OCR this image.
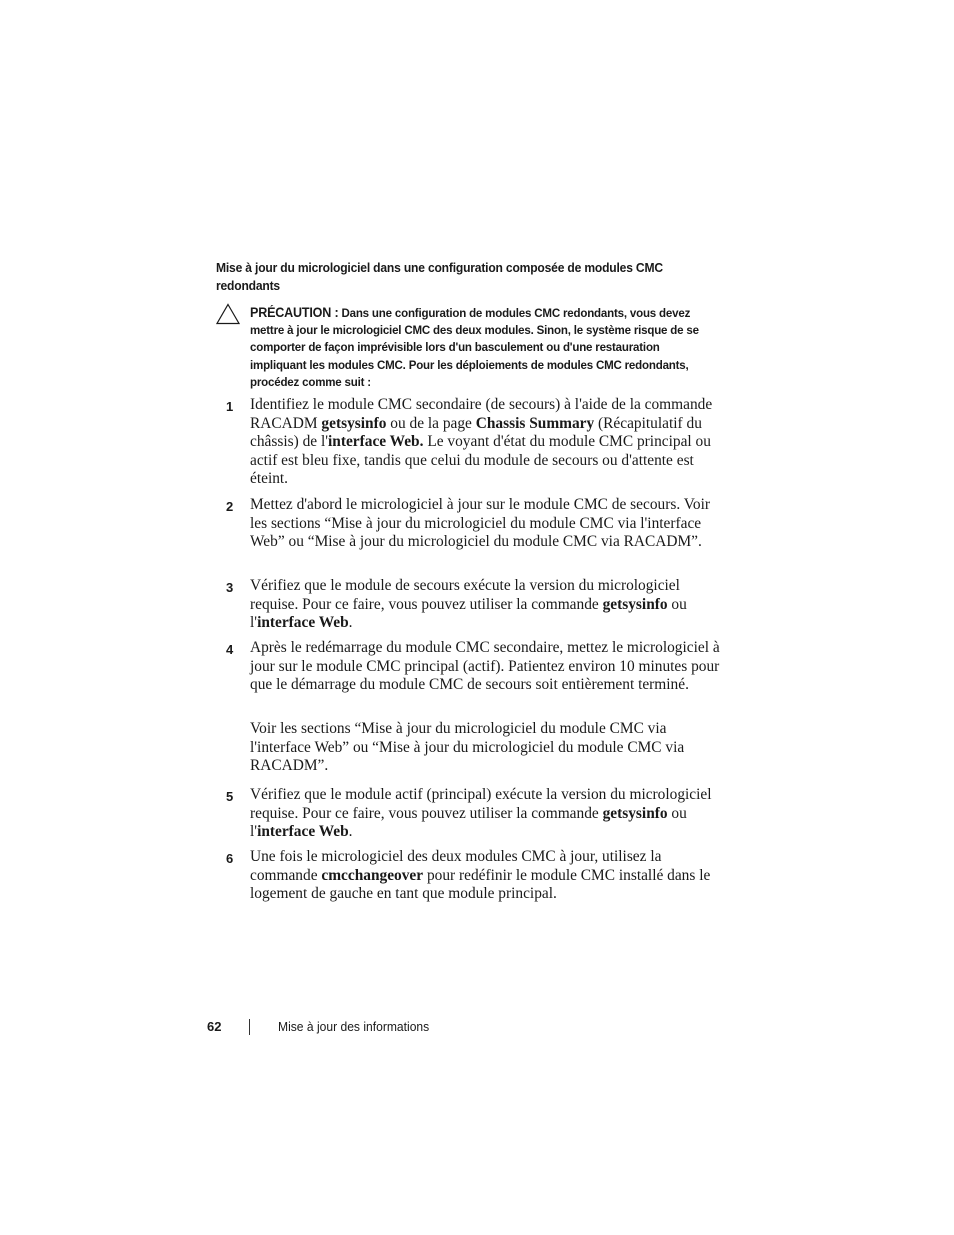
Mise à jour du micrologiciel dans une configuration composée de modules CMC redondants
PRÉCAUTION : Dans une configuration de modules CMC redondants, vous devez mettre à jour le micrologiciel CMC des deux modules. Sinon, le système risque de se comporter de façon imprévisible lors d'un basculement ou d'une restauration impliquant les modules CMC. Pour les déploiements de modules CMC redondants, procédez comme suit :
1	Identifiez le module CMC secondaire (de secours) à l'aide de la commande RACADM getsysinfo ou de la page Chassis Summary (Récapitulatif du châssis) de l'interface Web. Le voyant d'état du module CMC principal ou actif est bleu fixe, tandis que celui du module de secours ou d'attente est éteint.
2	Mettez d'abord le micrologiciel à jour sur le module CMC de secours. Voir les sections “Mise à jour du micrologiciel du module CMC via l'interface Web” ou “Mise à jour du micrologiciel du module CMC via RACADM”.
3	Vérifiez que le module de secours exécute la version du micrologiciel requise. Pour ce faire, vous pouvez utiliser la commande getsysinfo ou l'interface Web.
4	Après le redémarrage du module CMC secondaire, mettez le micrologiciel à jour sur le module CMC principal (actif). Patientez environ 10 minutes pour que le démarrage du module CMC de secours soit entièrement terminé.
Voir les sections “Mise à jour du micrologiciel du module CMC via l'interface Web” ou “Mise à jour du micrologiciel du module CMC via RACADM”.
5	Vérifiez que le module actif (principal) exécute la version du micrologiciel requise. Pour ce faire, vous pouvez utiliser la commande getsysinfo ou l'interface Web.
6	Une fois le micrologiciel des deux modules CMC à jour, utilisez la commande cmcchangeover pour redéfinir le module CMC installé dans le logement de gauche en tant que module principal.
62	Mise à jour des informations
